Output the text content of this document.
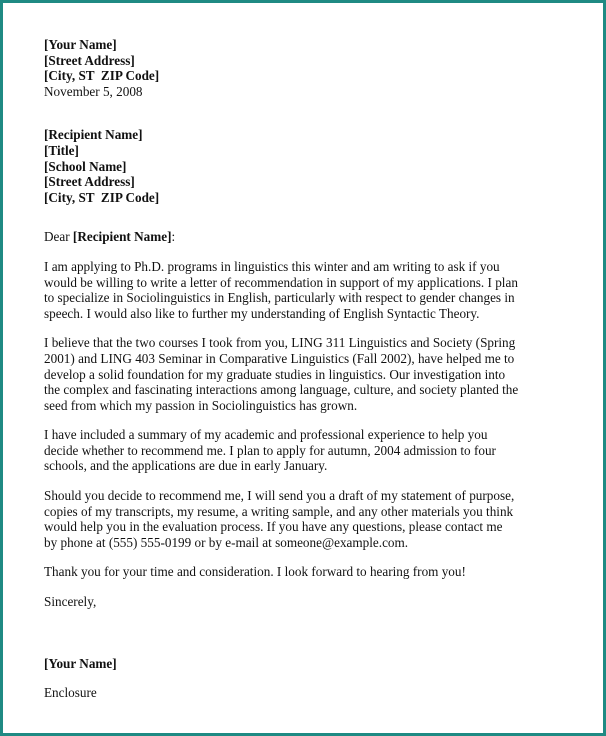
[Your Name]
[Street Address]
[City, ST  ZIP Code]
November 5, 2008
[Recipient Name]
[Title]
[School Name]
[Street Address]
[City, ST  ZIP Code]
Dear [Recipient Name]:
I am applying to Ph.D. programs in linguistics this winter and am writing to ask if you
would be willing to write a letter of recommendation in support of my applications. I plan
to specialize in Sociolinguistics in English, particularly with respect to gender changes in
speech. I would also like to further my understanding of English Syntactic Theory.
I believe that the two courses I took from you, LING 311 Linguistics and Society (Spring
2001) and LING 403 Seminar in Comparative Linguistics (Fall 2002), have helped me to
develop a solid foundation for my graduate studies in linguistics. Our investigation into
the complex and fascinating interactions among language, culture, and society planted the
seed from which my passion in Sociolinguistics has grown.
I have included a summary of my academic and professional experience to help you
decide whether to recommend me. I plan to apply for autumn, 2004 admission to four
schools, and the applications are due in early January.
Should you decide to recommend me, I will send you a draft of my statement of purpose,
copies of my transcripts, my resume, a writing sample, and any other materials you think
would help you in the evaluation process. If you have any questions, please contact me
by phone at (555) 555-0199 or by e-mail at someone@example.com.
Thank you for your time and consideration. I look forward to hearing from you!
Sincerely,
[Your Name]
Enclosure
